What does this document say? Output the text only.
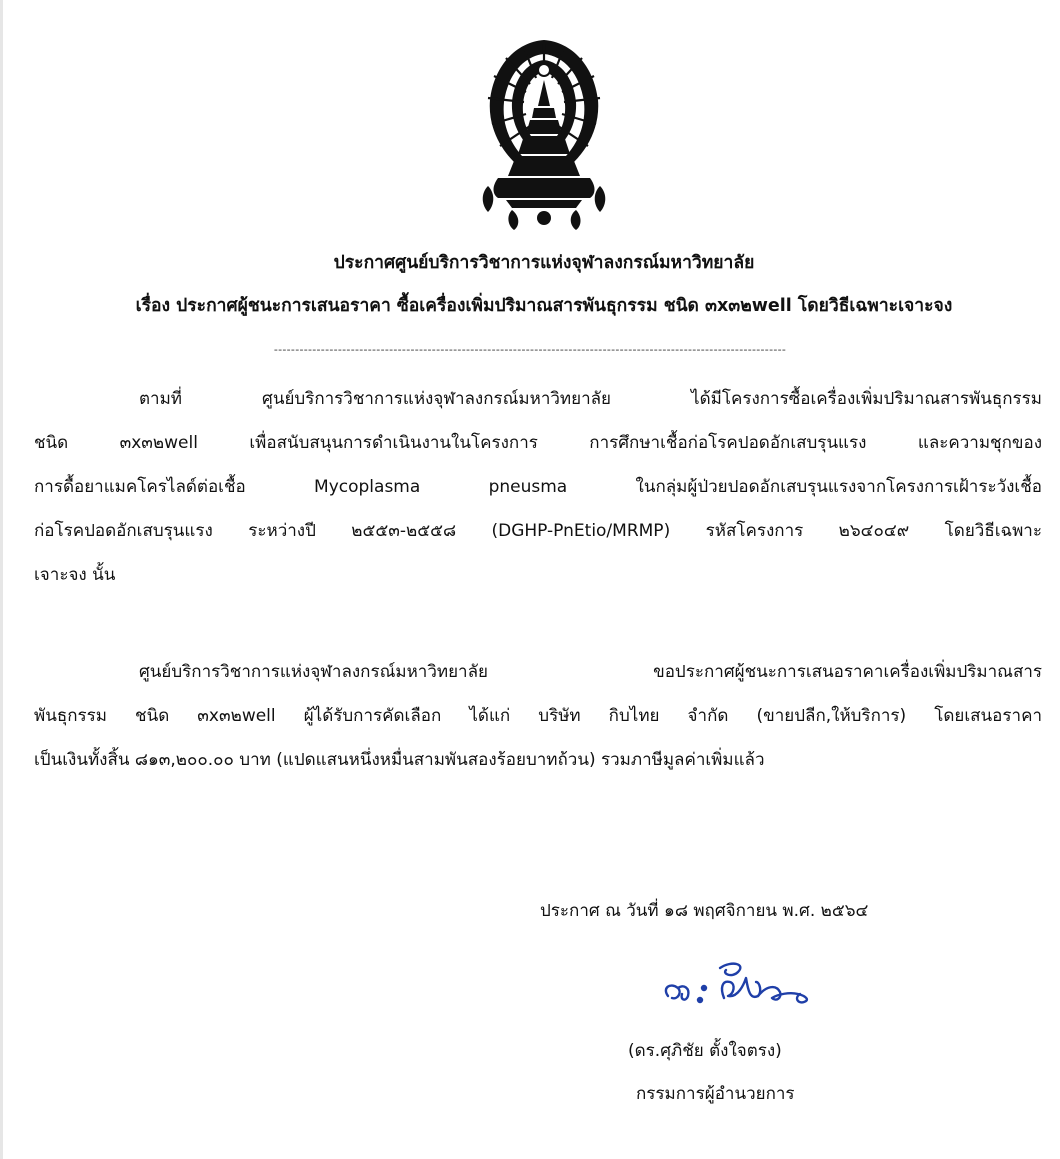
ประกาศศูนย์บริการวิชาการแห่งจุฬาลงกรณ์มหาวิทยาลัย

เรื่อง ประกาศผู้ชนะการเสนอราคา ซื้อเครื่องเพิ่มปริมาณสารพันธุกรรม ชนิด ๓x๓๒well โดยวิธีเฉพาะเจาะจง

------------------------------------------------------------------------------------------------------------------------
ตามที่ ศูนย์บริการวิชาการแห่งจุฬาลงกรณ์มหาวิทยาลัย ได้มีโครงการซื้อเครื่องเพิ่มปริมาณสารพันธุกรรม
ชนิด ๓x๓๒well เพื่อสนับสนุนการดำเนินงานในโครงการ การศึกษาเชื้อก่อโรคปอดอักเสบรุนแรง และความชุกของ
การดื้อยาแมคโครไลด์ต่อเชื้อ Mycoplasma pneusma ในกลุ่มผู้ป่วยปอดอักเสบรุนแรงจากโครงการเฝ้าระวังเชื้อ
ก่อโรคปอดอักเสบรุนแรง ระหว่างปี ๒๕๕๓-๒๕๕๘ (DGHP-PnEtio/MRMP) รหัสโครงการ ๒๖๔๐๔๙ โดยวิธีเฉพาะ
เจาะจง นั้น
ศูนย์บริการวิชาการแห่งจุฬาลงกรณ์มหาวิทยาลัย ขอประกาศผู้ชนะการเสนอราคาเครื่องเพิ่มปริมาณสาร
พันธุกรรม ชนิด ๓x๓๒well ผู้ได้รับการคัดเลือก ได้แก่ บริษัท กิบไทย จำกัด (ขายปลีก,ให้บริการ) โดยเสนอราคา
เป็นเงินทั้งสิ้น ๘๑๓,๒๐๐.๐๐ บาท (แปดแสนหนึ่งหมื่นสามพันสองร้อยบาทถ้วน) รวมภาษีมูลค่าเพิ่มแล้ว

ประกาศ ณ วันที่ ๑๘ พฤศจิกายน พ.ศ. ๒๕๖๔

(ดร.ศุภิชัย ตั้งใจตรง)

กรรมการผู้อำนวยการ
